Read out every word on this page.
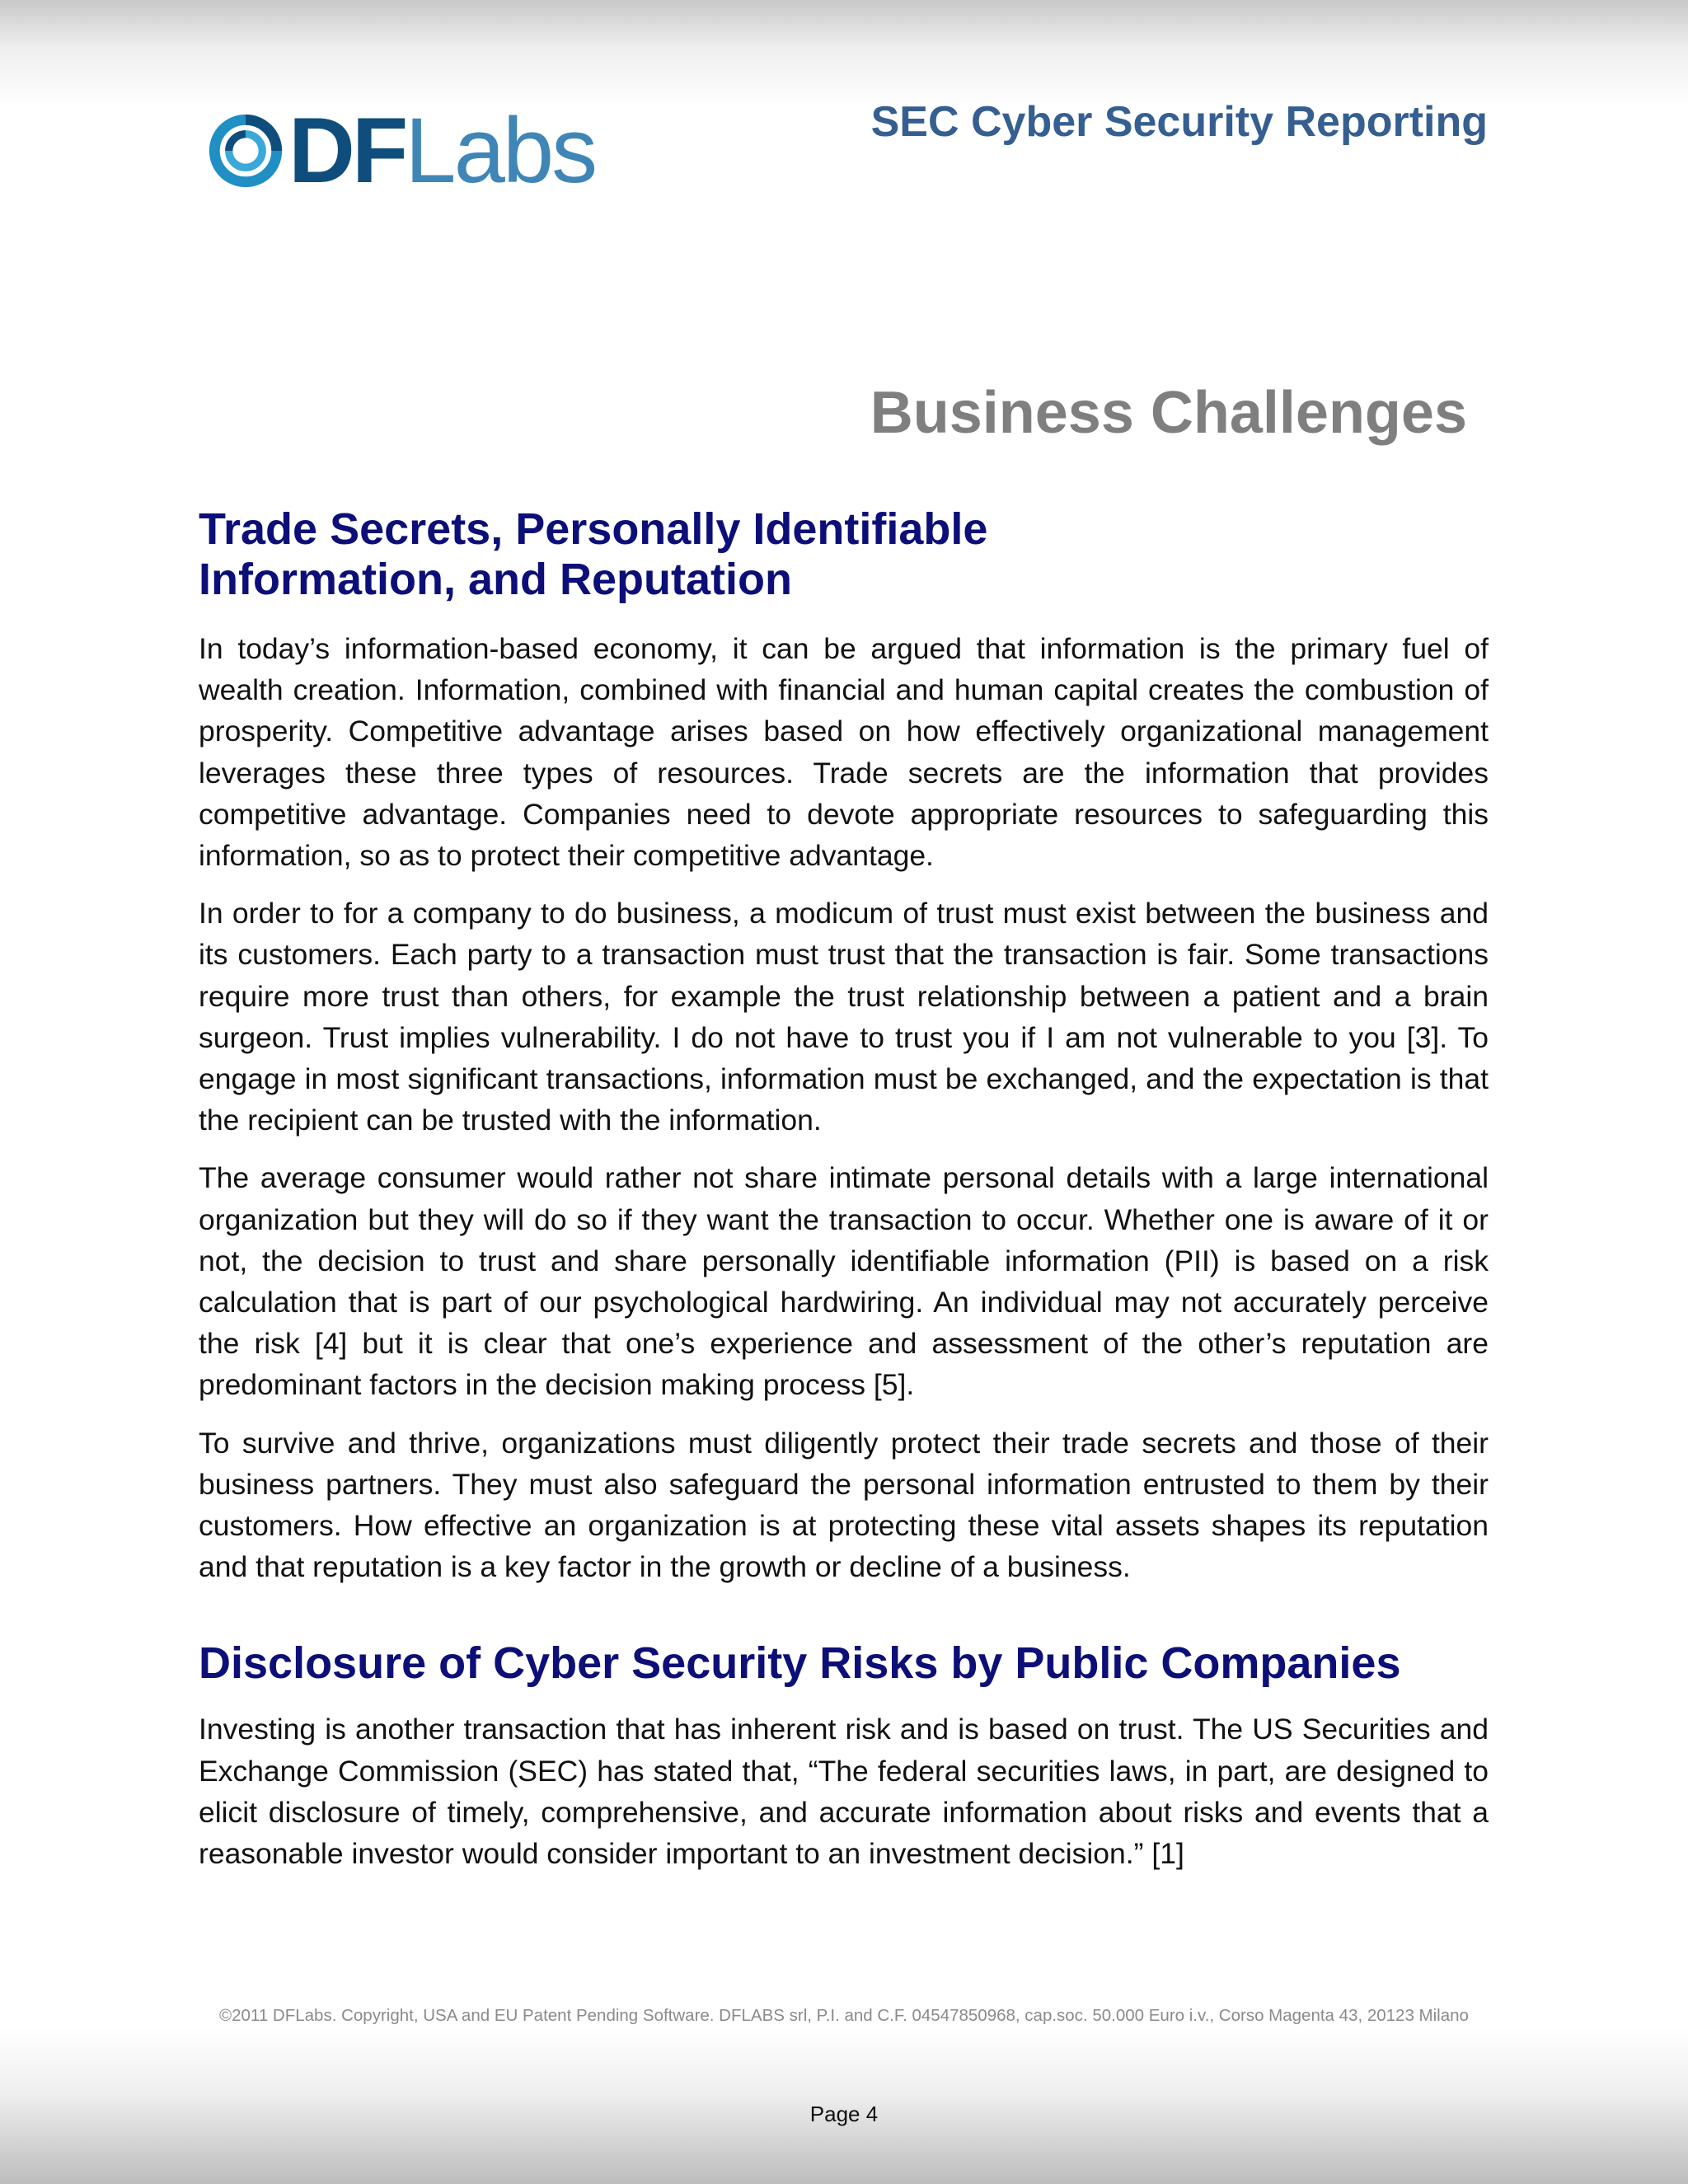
DF Labs	SEC Cyber Security Reporting
Business Challenges
Trade Secrets, Personally Identifiable
Information, and Reputation

In today’s information-based economy, it can be argued that information is the primary fuel of wealth creation. Information, combined with financial and human capital creates the combustion of prosperity. Competitive advantage arises based on how effectively organizational management leverages these three types of resources. Trade secrets are the information that provides competitive advantage. Companies need to devote appropriate resources to safeguarding this information, so as to protect their competitive advantage.

In order to for a company to do business, a modicum of trust must exist between the business and its customers. Each party to a transaction must trust that the transaction is fair. Some transactions require more trust than others, for example the trust relationship between a patient and a brain surgeon. Trust implies vulnerability. I do not have to trust you if I am not vulnerable to you [3]. To engage in most significant transactions, information must be exchanged, and the expectation is that the recipient can be trusted with the information.

The average consumer would rather not share intimate personal details with a large international organization but they will do so if they want the transaction to occur. Whether one is aware of it or not, the decision to trust and share personally identifiable information (PII) is based on a risk calculation that is part of our psychological hardwiring. An individual may not accurately perceive the risk [4] but it is clear that one’s experience and assessment of the other’s reputation are predominant factors in the decision making process [5].

To survive and thrive, organizations must diligently protect their trade secrets and those of their business partners. They must also safeguard the personal information entrusted to them by their customers. How effective an organization is at protecting these vital assets shapes its reputation and that reputation is a key factor in the growth or decline of a business.

Disclosure of Cyber Security Risks by Public Companies

Investing is another transaction that has inherent risk and is based on trust. The US Securities and Exchange Commission (SEC) has stated that, “The federal securities laws, in part, are designed to elicit disclosure of timely, comprehensive, and accurate information about risks and events that a reasonable investor would consider important to an investment decision.” [1]

©2011 DFLabs. Copyright, USA and EU Patent Pending Software. DFLABS srl, P.I. and C.F. 04547850968, cap.soc. 50.000 Euro i.v., Corso Magenta 43, 20123 Milano
Page 4
